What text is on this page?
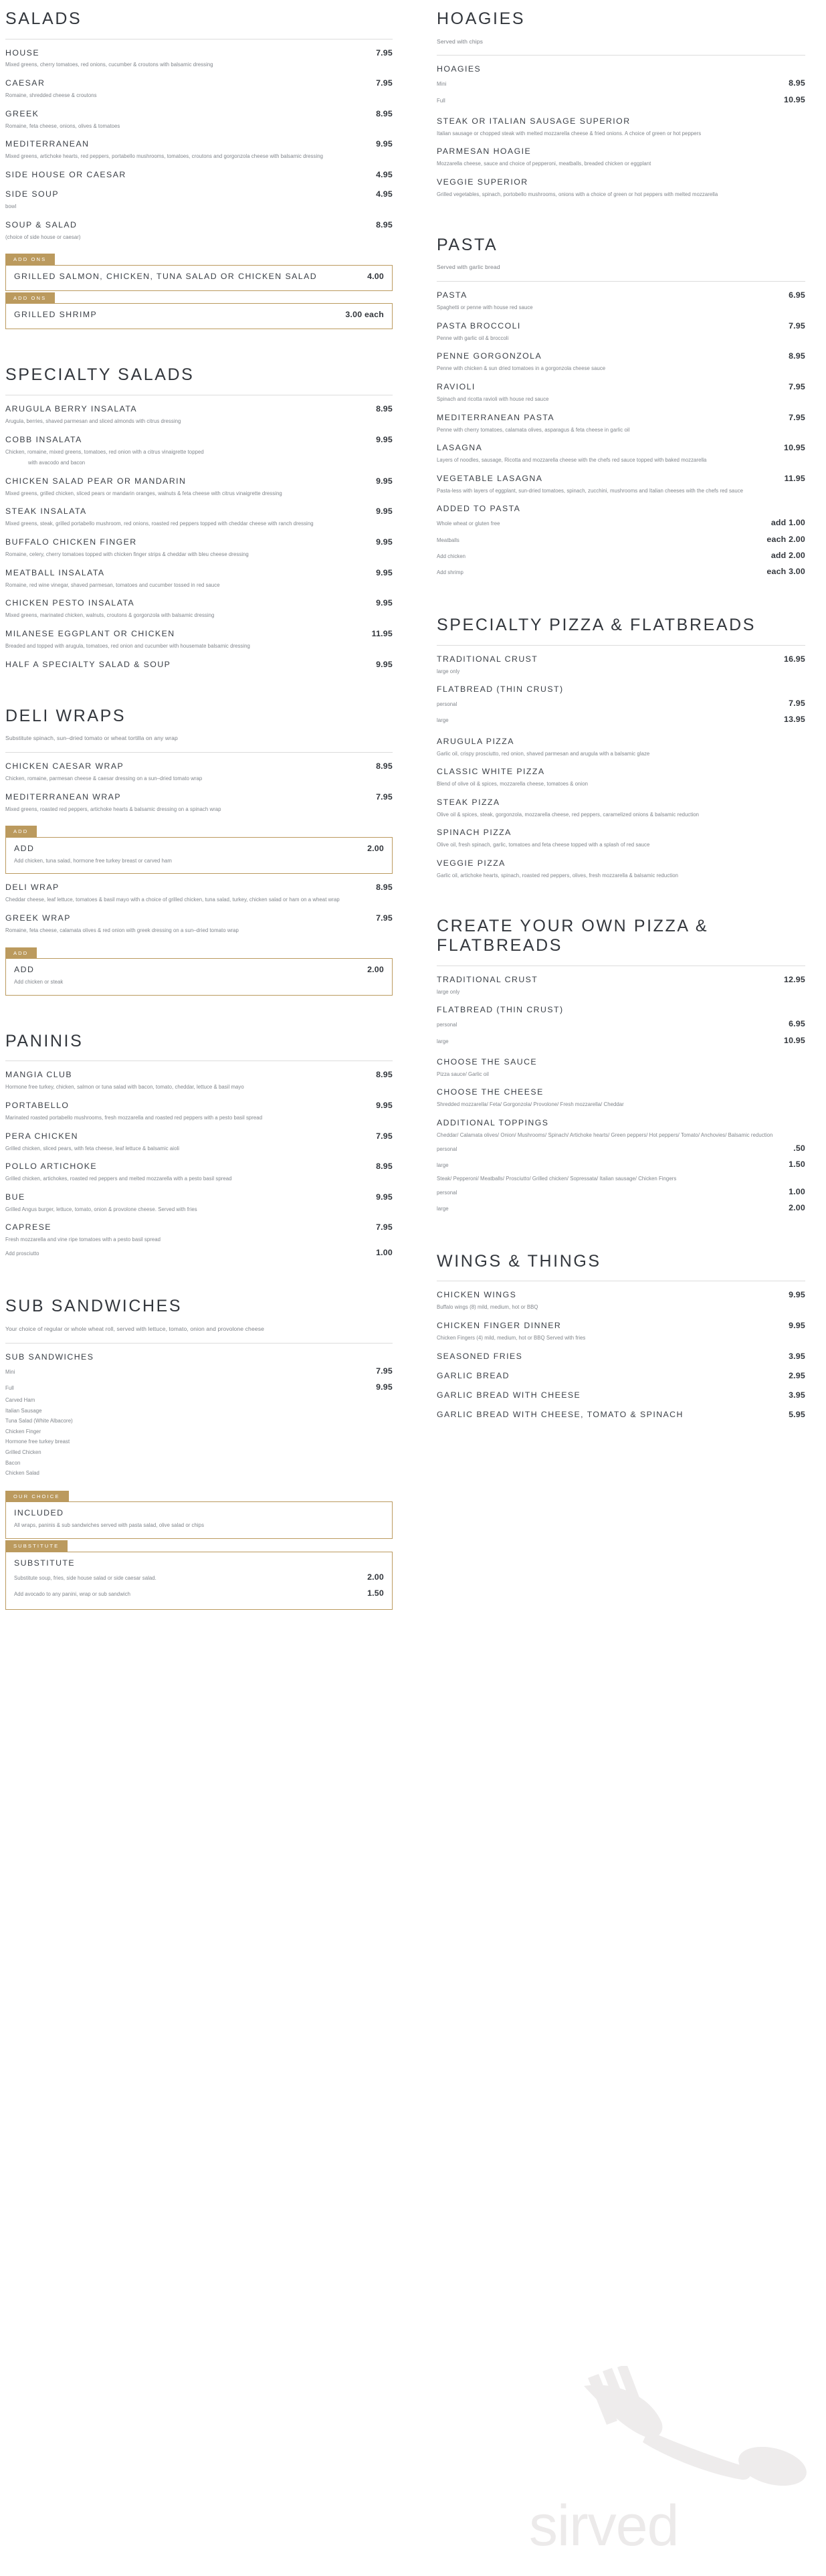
SALADS
HOUSE	7.95
Mixed greens, cherry tomatoes, red onions, cucumber & croutons with balsamic dressing
CAESAR	7.95
Romaine, shredded cheese & croutons
GREEK	8.95
Romaine, feta cheese, onions, olives & tomatoes
MEDITERRANEAN	9.95
Mixed greens, artichoke hearts, red peppers, portabello mushrooms, tomatoes, croutons and gorgonzola cheese with balsamic dressing
SIDE HOUSE OR CAESAR	4.95
SIDE SOUP	4.95
bowl
SOUP & SALAD	8.95
(choice of side house or caesar)
ADD ONS
GRILLED SALMON, CHICKEN, TUNA SALAD OR CHICKEN SALAD	4.00
ADD ONS
GRILLED SHRIMP	3.00 each
SPECIALTY SALADS
ARUGULA BERRY INSALATA	8.95
Arugula, berries, shaved parmesan and sliced almonds with citrus dressing
COBB INSALATA	9.95
Chicken, romaine, mixed greens, tomatoes, red onion with a citrus vinaigrette topped
with avacodo and bacon
CHICKEN SALAD PEAR OR MANDARIN	9.95
Mixed greens, grilled chicken, sliced pears or mandarin oranges, walnuts & feta cheese with citrus vinaigrette dressing
STEAK INSALATA	9.95
Mixed greens, steak, grilled portabello mushroom, red onions, roasted red peppers topped with cheddar cheese with ranch dressing
BUFFALO CHICKEN FINGER	9.95
Romaine, celery, cherry tomatoes topped with chicken finger strips & cheddar with bleu cheese dressing
MEATBALL INSALATA	9.95
Romaine, red wine vinegar, shaved parmesan, tomatoes and cucumber tossed in red sauce
CHICKEN PESTO INSALATA	9.95
Mixed greens, marinated chicken, walnuts, croutons & gorgonzola with balsamic dressing
MILANESE EGGPLANT OR CHICKEN	11.95
Breaded and topped with arugula, tomatoes, red onion and cucumber with housemate balsamic dressing
HALF A SPECIALTY SALAD & SOUP	9.95
DELI WRAPS

Substitute spinach, sun–dried tomato or wheat tortilla on any wrap

CHICKEN CAESAR WRAP	8.95
Chicken, romaine, parmesan cheese & caesar dressing on a sun–dried tomato wrap
MEDITERRANEAN WRAP	7.95
Mixed greens, roasted red peppers, artichoke hearts & balsamic dressing on a spinach wrap
ADD
ADD	2.00
Add chicken, tuna salad, hormone free turkey breast or carved ham
DELI WRAP	8.95
Cheddar cheese, leaf lettuce, tomatoes & basil mayo with a choice of grilled chicken, tuna salad, turkey, chicken salad or ham on a wheat wrap
GREEK WRAP	7.95
Romaine, feta cheese, calamata olives & red onion with greek dressing on a sun–dried tomato wrap
ADD
ADD	2.00
Add chicken or steak
PANINIS
MANGIA CLUB	8.95
Hormone free turkey, chicken, salmon or tuna salad with bacon, tomato, cheddar, lettuce & basil mayo
PORTABELLO	9.95
Marinated roasted portabello mushrooms, fresh mozzarella and roasted red peppers with a pesto basil spread
PERA CHICKEN	7.95
Grilled chicken, sliced pears, with feta cheese, leaf lettuce & balsamic aioli
POLLO ARTICHOKE	8.95
Grilled chicken, artichokes, roasted red peppers and melted mozzarella with a pesto basil spread
BUE	9.95
Grilled Angus burger, lettuce, tomato, onion & provolone cheese. Served with fries
CAPRESE	7.95
Fresh mozzarella and vine ripe tomatoes with a pesto basil spread
Add prosciutto	1.00
SUB SANDWICHES

Your choice of regular or whole wheat roll, served with lettuce, tomato, onion and provolone cheese

SUB SANDWICHES
Mini	7.95
Full	9.95
Carved Ham
Italian Sausage
Tuna Salad (White Albacore)
Chicken Finger
Hormone free turkey breast
Grilled Chicken
Bacon
Chicken Salad
OUR CHOICE
INCLUDED
All wraps, paninis & sub sandwiches served with pasta salad, olive salad or chips
SUBSTITUTE
SUBSTITUTE
Substitute soup, fries, side house salad or side caesar salad.	2.00
Add avocado to any panini, wrap or sub sandwich	1.50
HOAGIES

Served with chips

HOAGIES
Mini	8.95
Full	10.95
STEAK OR ITALIAN SAUSAGE SUPERIOR
Italian sausage or chopped steak with melted mozzarella cheese & fried onions. A choice of green or hot peppers
PARMESAN HOAGIE
Mozzarella cheese, sauce and choice of pepperoni, meatballs, breaded chicken or eggplant
VEGGIE SUPERIOR
Grilled vegetables, spinach, portobello mushrooms, onions with a choice of green or hot peppers with melted mozzarella
PASTA

Served with garlic bread

PASTA	6.95
Spaghetti or penne with house red sauce
PASTA BROCCOLI	7.95
Penne with garlic oil & broccoli
PENNE GORGONZOLA	8.95
Penne with chicken & sun dried tomatoes in a gorgonzola cheese sauce
RAVIOLI	7.95
Spinach and ricotta ravioli with house red sauce
MEDITERRANEAN PASTA	7.95
Penne with cherry tomatoes, calamata olives, asparagus & feta cheese in garlic oil
LASAGNA	10.95
Layers of noodles, sausage, Ricotta and mozzarella cheese with the chefs red sauce topped with baked mozzarella
VEGETABLE LASAGNA	11.95
Pasta-less with layers of eggplant, sun-dried tomatoes, spinach, zucchini, mushrooms and Italian cheeses with the chefs red sauce
ADDED TO PASTA
Whole wheat or gluten free	add 1.00
Meatballs	each 2.00
Add chicken	add 2.00
Add shrimp	each 3.00
SPECIALTY PIZZA & FLATBREADS
TRADITIONAL CRUST	16.95
large only
FLATBREAD (THIN CRUST)
personal	7.95
large	13.95
ARUGULA PIZZA
Garlic oil, crispy prosciutto, red onion, shaved parmesan and arugula with a balsamic glaze
CLASSIC WHITE PIZZA
Blend of olive oil & spices, mozzarella cheese, tomatoes & onion
STEAK PIZZA
Olive oil & spices, steak, gorgonzola, mozzarella cheese, red peppers, caramelized onions & balsamic reduction
SPINACH PIZZA
Olive oil, fresh spinach, garlic, tomatoes and feta cheese topped with a splash of red sauce
VEGGIE PIZZA
Garlic oil, artichoke hearts, spinach, roasted red peppers, olives, fresh mozzarella & balsamic reduction
CREATE YOUR OWN PIZZA & FLATBREADS
TRADITIONAL CRUST	12.95
large only
FLATBREAD (THIN CRUST)
personal	6.95
large	10.95
CHOOSE THE SAUCE
Pizza sauce/ Garlic oil
CHOOSE THE CHEESE
Shredded mozzarella/ Feta/ Gorgonzola/ Provolone/ Fresh mozzarella/ Cheddar
ADDITIONAL TOPPINGS
Cheddar/ Calamata olives/ Onion/ Mushrooms/ Spinach/ Artichoke hearts/ Green peppers/ Hot peppers/ Tomato/ Anchovies/ Balsamic reduction
personal	.50
large	1.50
Steak/ Pepperoni/ Meatballs/ Prosciutto/ Grilled chicken/ Sopressata/ Italian sausage/ Chicken Fingers
personal	1.00
large	2.00
WINGS & THINGS
CHICKEN WINGS	9.95
Buffalo wings (8) mild, medium, hot or BBQ
CHICKEN FINGER DINNER	9.95
Chicken Fingers (4) mild, medium, hot or BBQ Served with fries
SEASONED FRIES	3.95
GARLIC BREAD	2.95
GARLIC BREAD WITH CHEESE	3.95
GARLIC BREAD WITH CHEESE, TOMATO & SPINACH	5.95
sirved
